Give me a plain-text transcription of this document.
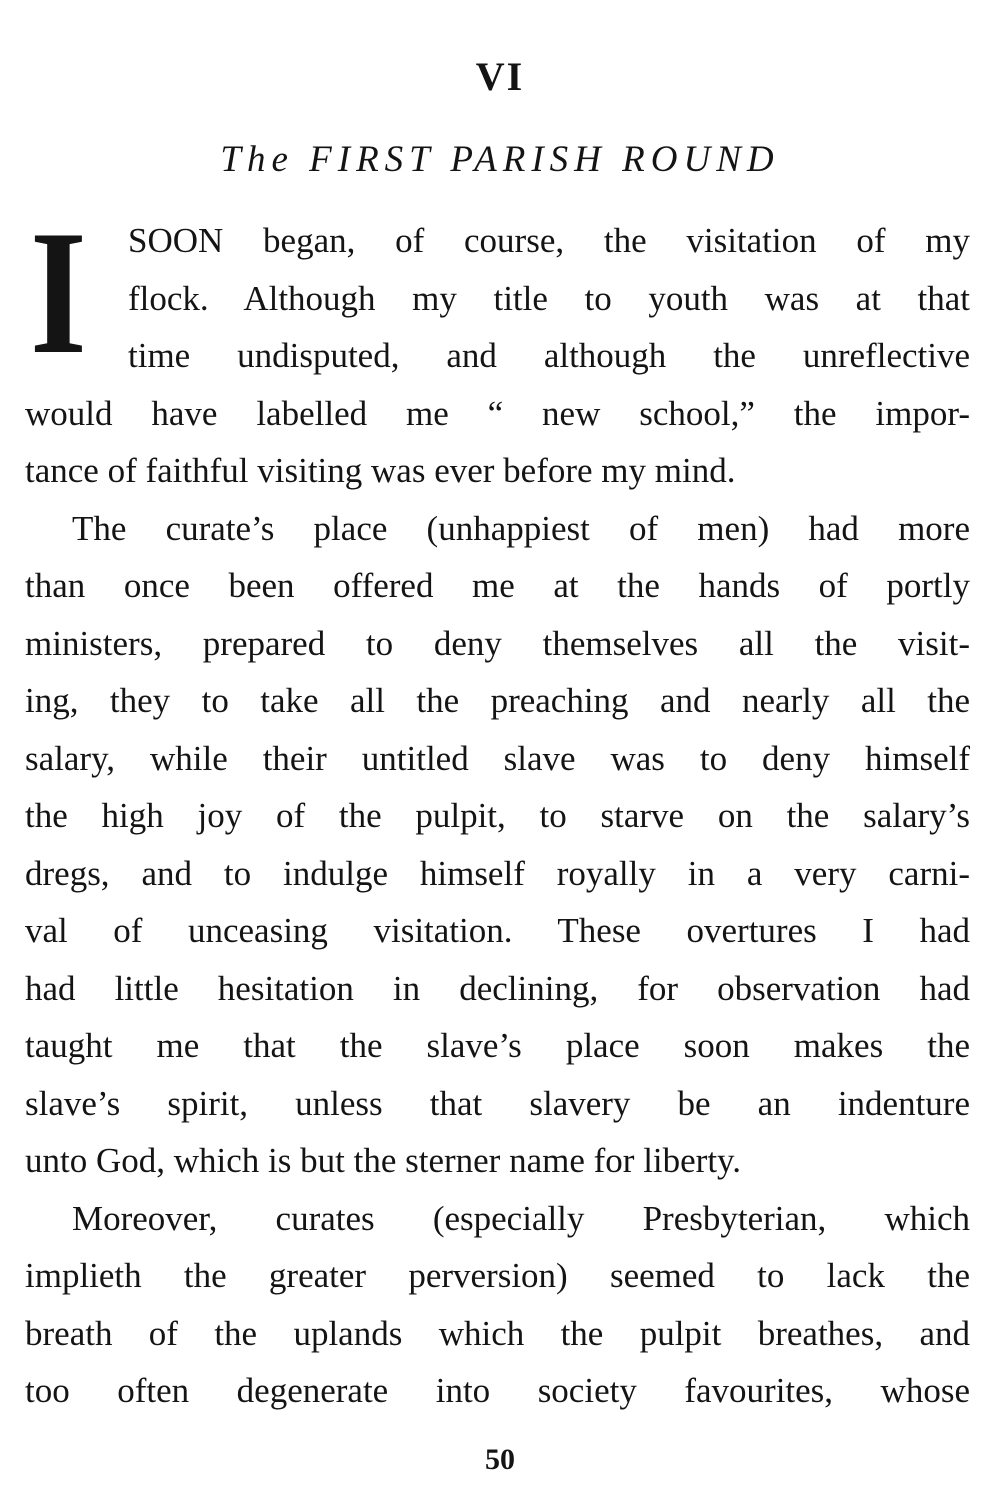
VI
The FIRST PARISH ROUND
I SOON began, of course, the visitation of my
flock. Although my title to youth was at that
time undisputed, and although the unreflective
would have labelled me “ new school,” the impor-
tance of faithful visiting was ever before my mind.
The curate’s place (unhappiest of men) had more
than once been offered me at the hands of portly
ministers, prepared to deny themselves all the visit-
ing, they to take all the preaching and nearly all the
salary, while their untitled slave was to deny himself
the high joy of the pulpit, to starve on the salary’s
dregs, and to indulge himself royally in a very carni-
val of unceasing visitation. These overtures I had
had little hesitation in declining, for observation had
taught me that the slave’s place soon makes the
slave’s spirit, unless that slavery be an indenture
unto God, which is but the sterner name for liberty.
Moreover, curates (especially Presbyterian, which
implieth the greater perversion) seemed to lack the
breath of the uplands which the pulpit breathes, and
too often degenerate into society favourites, whose
50
